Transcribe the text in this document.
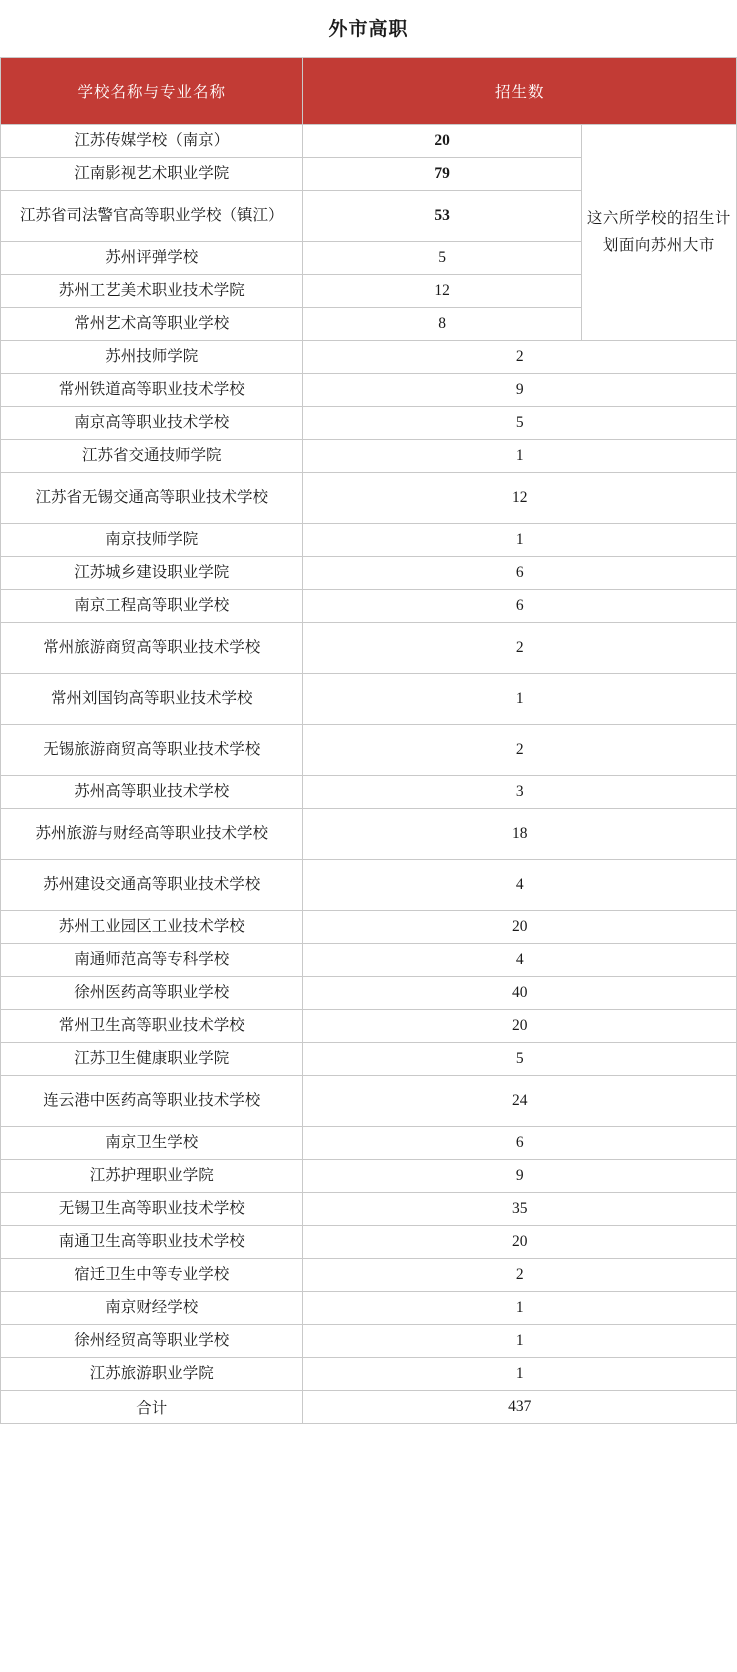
外市高职
学校名称与专业名称	招生数	
江苏传媒学校（南京）	20	这六所学校的招生计划面向苏州大市
江南影视艺术职业学院	79	
江苏省司法警官高等职业学校（镇江）	53	
苏州评弹学校	5	
苏州工艺美术职业技术学院	12	
常州艺术高等职业学校	8	
苏州技师学院	2	
常州铁道高等职业技术学校	9	
南京高等职业技术学校	5	
江苏省交通技师学院	1	
江苏省无锡交通高等职业技术学校	12	
南京技师学院	1	
江苏城乡建设职业学院	6	
南京工程高等职业学校	6	
常州旅游商贸高等职业技术学校	2	
常州刘国钧高等职业技术学校	1	
无锡旅游商贸高等职业技术学校	2	
苏州高等职业技术学校	3	
苏州旅游与财经高等职业技术学校	18	
苏州建设交通高等职业技术学校	4	
苏州工业园区工业技术学校	20	
南通师范高等专科学校	4	
徐州医药高等职业学校	40	
常州卫生高等职业技术学校	20	
江苏卫生健康职业学院	5	
连云港中医药高等职业技术学校	24	
南京卫生学校	6	
江苏护理职业学院	9	
无锡卫生高等职业技术学校	35	
南通卫生高等职业技术学校	20	
宿迁卫生中等专业学校	2	
南京财经学校	1	
徐州经贸高等职业学校	1	
江苏旅游职业学院	1	
合计	437	
